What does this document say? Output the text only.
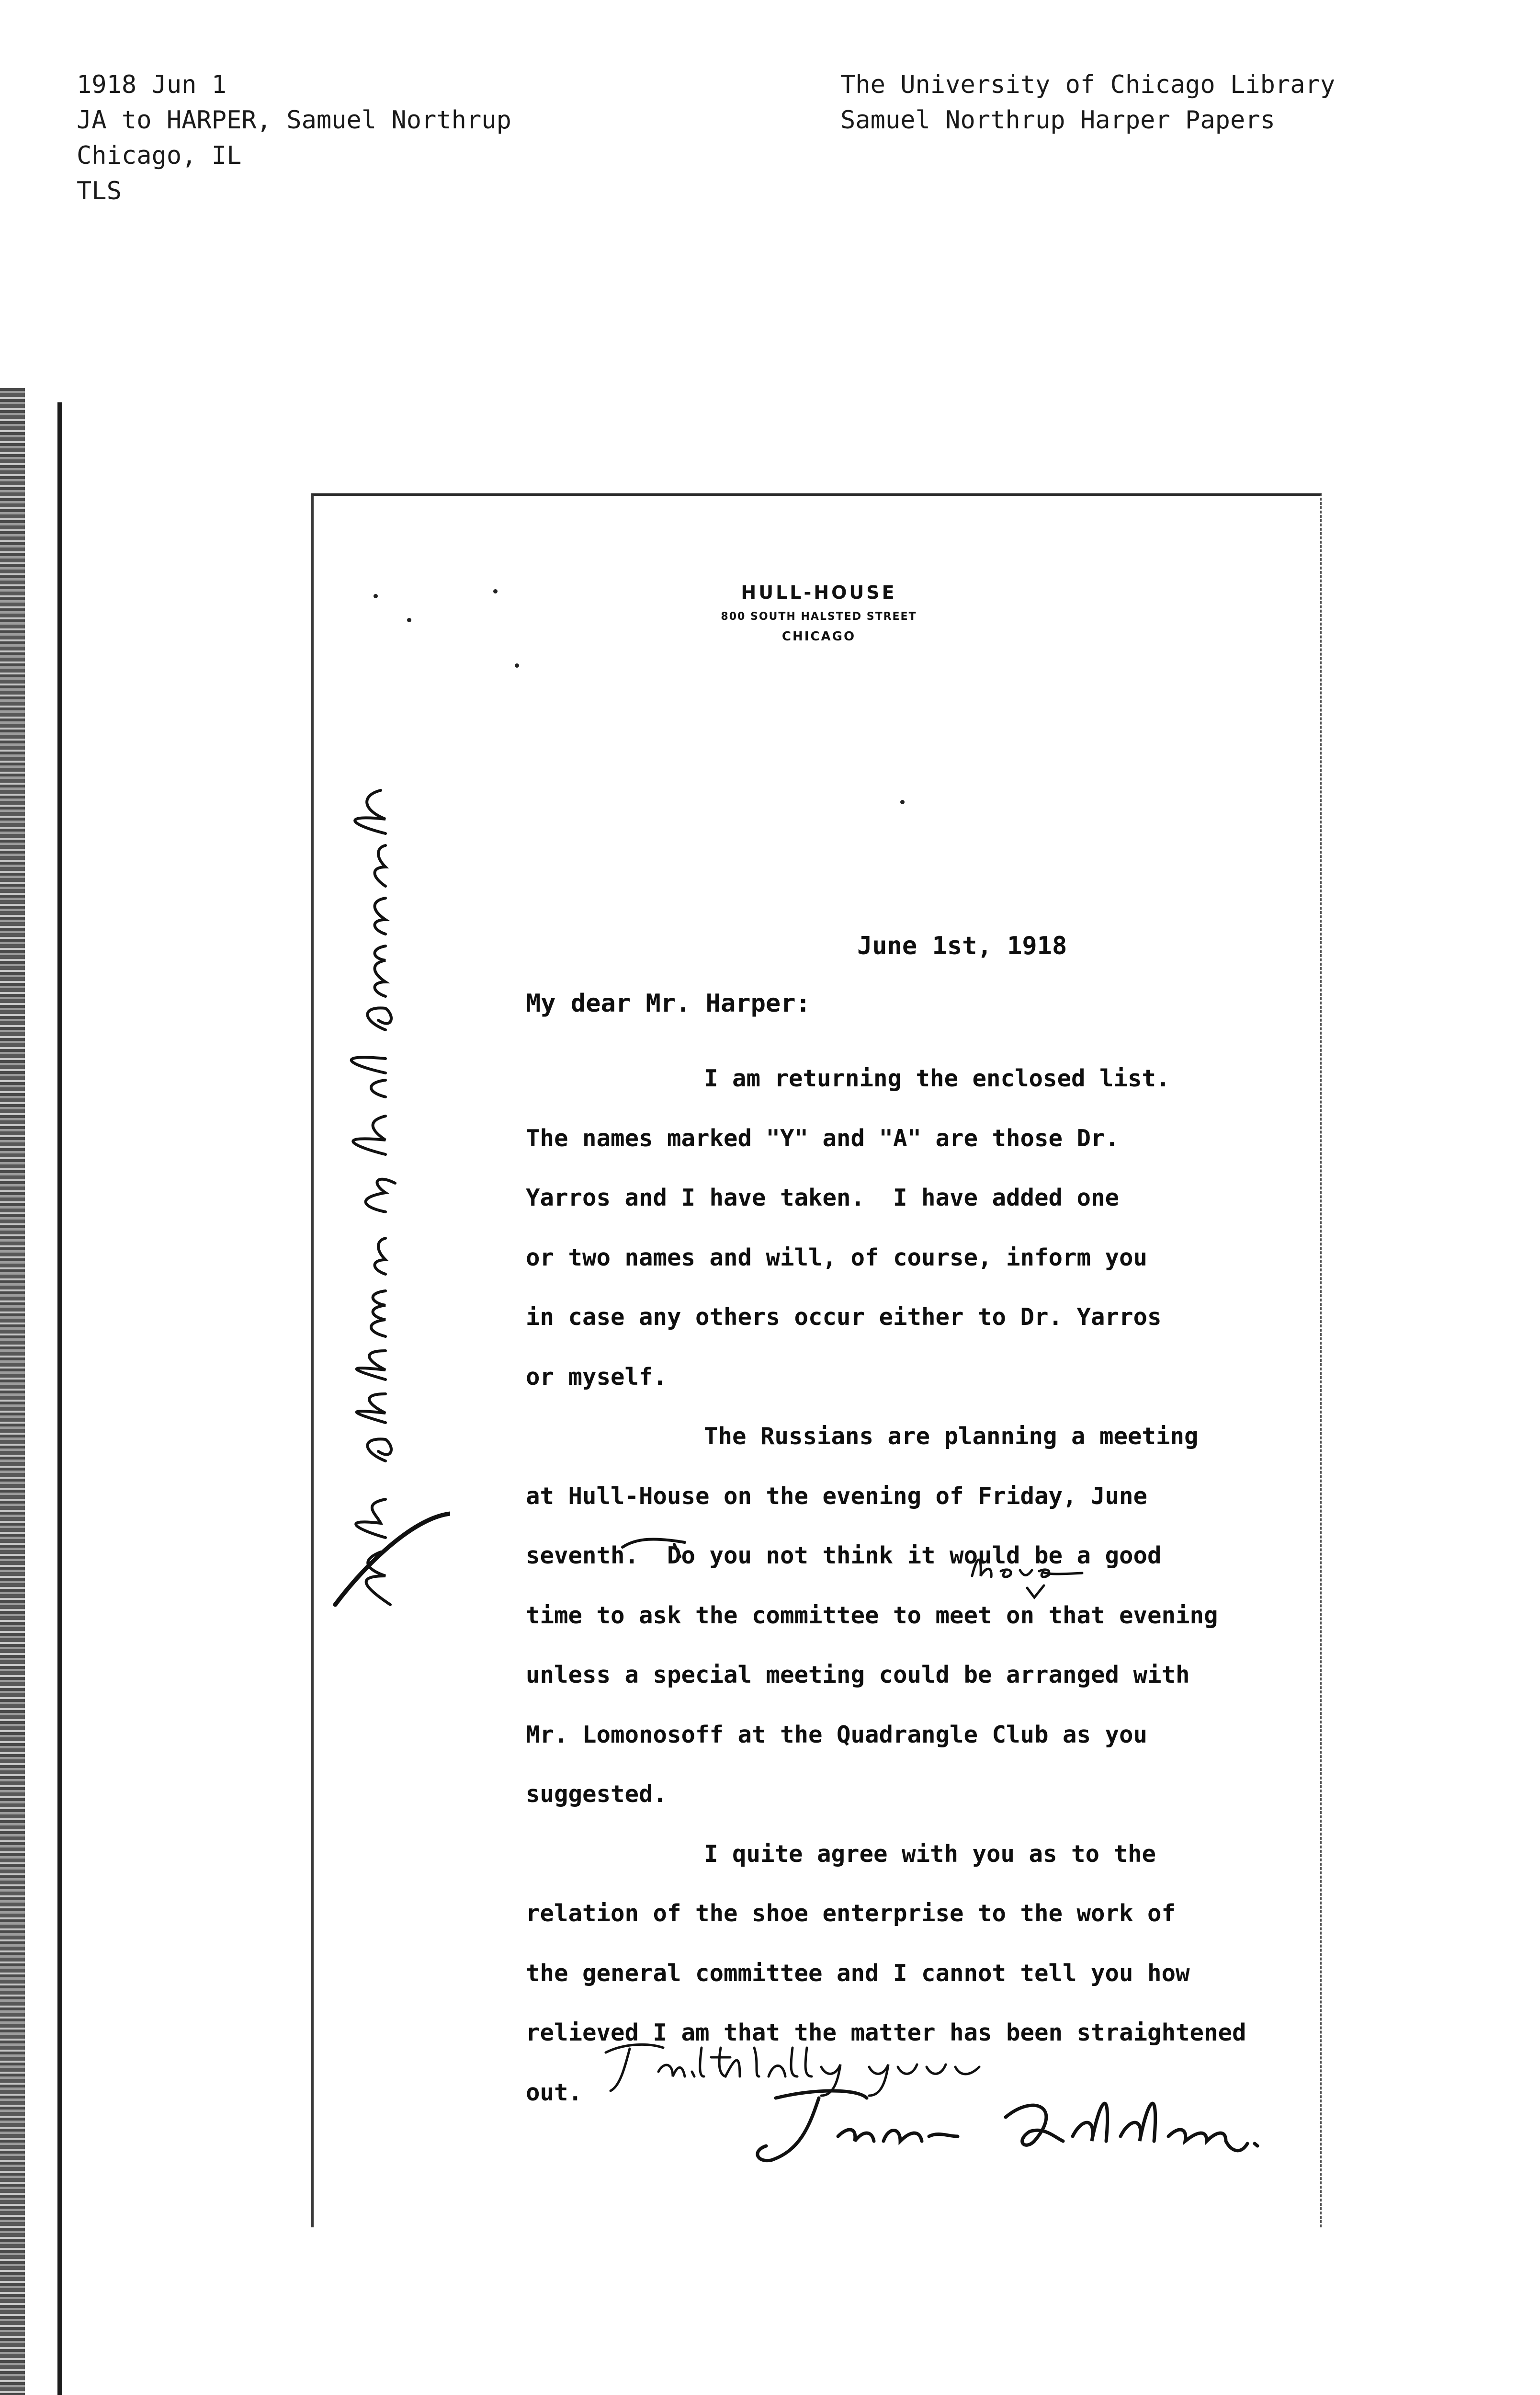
1918 Jun 1
JA to HARPER, Samuel Northrup
Chicago, IL
TLS
The University of Chicago Library
Samuel Northrup Harper Papers
HULL-HOUSE
800 SOUTH HALSTED STREET
CHICAGO
June 1st, 1918
My dear Mr. Harper:
I am returning the enclosed list.
The names marked "Y" and "A" are those Dr.
Yarros and I have taken.  I have added one
or two names and will, of course, inform you
in case any others occur either to Dr. Yarros
or myself.
The Russians are planning a meeting
at Hull-House on the evening of Friday, June
seventh.  Do you not think it would be a good
time to ask the committee to meet on that evening
unless a special meeting could be arranged with
Mr. Lomonosoff at the Quadrangle Club as you
suggested.
I quite agree with you as to the
relation of the shoe enterprise to the work of
the general committee and I cannot tell you how
relieved I am that the matter has been straightened
out.
